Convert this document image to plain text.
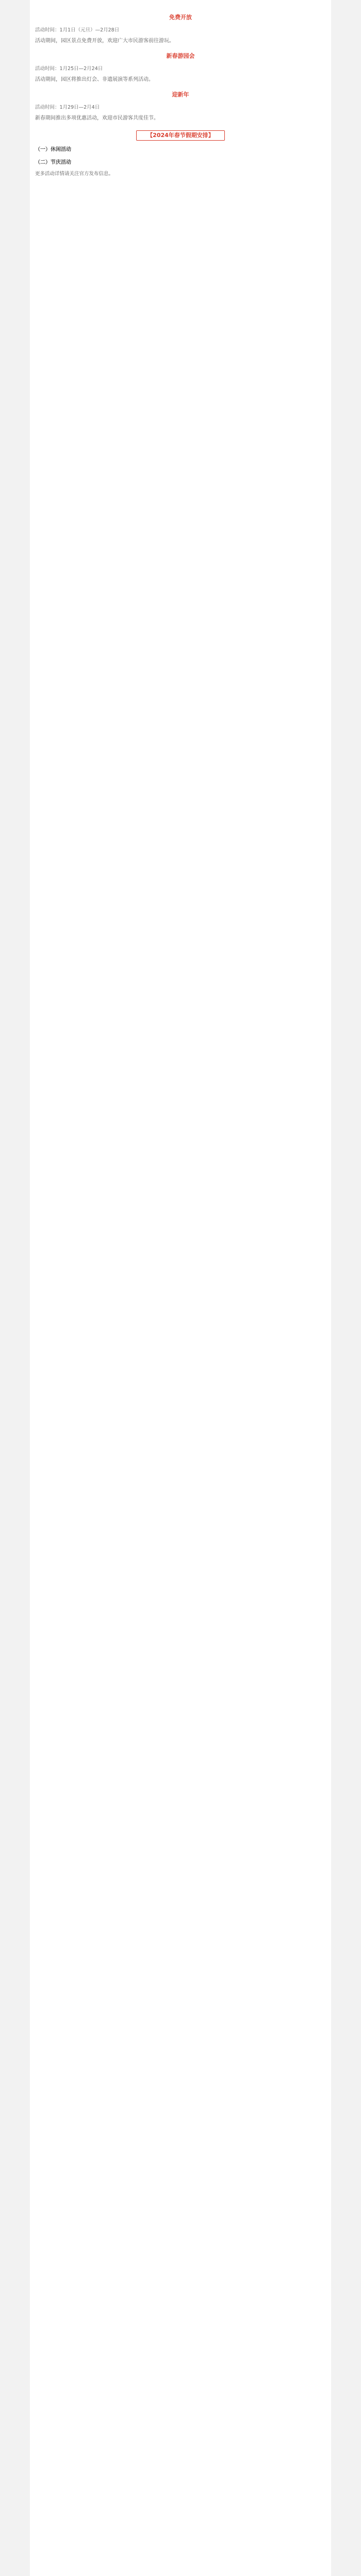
免费开放
活动时间：1月1日（元旦）—2月28日

活动期间，园区景点免费开放，欢迎广大市民游客前往游玩。

新春游园会
活动时间：1月25日—2月24日

活动期间，园区将推出灯会、非遗展演等系列活动。

迎新年
活动时间：1月29日—2月4日

新春期间推出多项优惠活动，欢迎市民游客共度佳节。

【2024年春节假期安排】
（一）休闲活动
（二）节庆活动
更多活动详情请关注官方发布信息。
